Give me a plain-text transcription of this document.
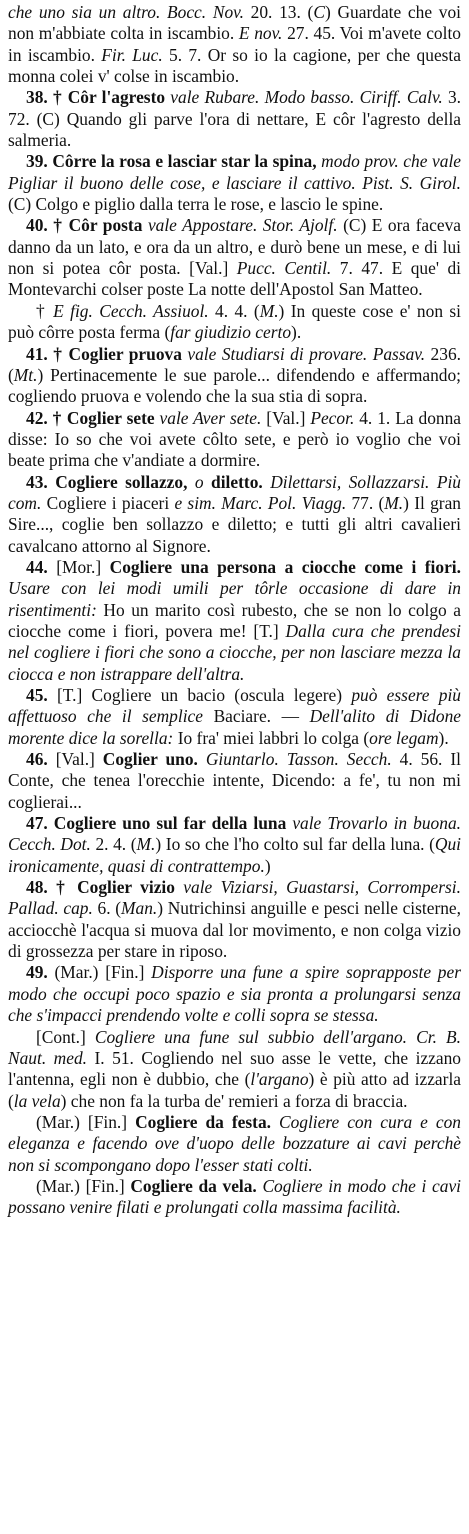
che uno sia un altro. Bocc. Nov. 20. 13. (C) Guardate che voi non m'abbiate colta in iscambio. E nov. 27. 45. Voi m'avete colto in iscambio. Fir. Luc. 5. 7. Or so io la cagione, per che questa monna colei v' colse in iscambio.

38. † Côr l'agresto vale Rubare. Modo basso. Ciriff. Calv. 3. 72. (C) Quando gli parve l'ora di nettare, E côr l'agresto della salmeria.

39. Côrre la rosa e lasciar star la spina, modo prov. che vale Pigliar il buono delle cose, e lasciare il cattivo. Pist. S. Girol. (C) Colgo e piglio dalla terra le rose, e lascio le spine.

40. † Côr posta vale Appostare. Stor. Ajolf. (C) E ora faceva danno da un lato, e ora da un altro, e durò bene un mese, e di lui non si potea côr posta. [Val.] Pucc. Centil. 7. 47. E que' di Montevarchi colser poste La notte dell'Apostol San Matteo.

† E fig. Cecch. Assiuol. 4. 4. (M.) In queste cose e' non si può côrre posta ferma (far giudizio certo).

41. † Coglier pruova vale Studiarsi di provare. Passav. 236. (Mt.) Pertinacemente le sue parole... difendendo e affermando; cogliendo pruova e volendo che la sua stia di sopra.

42. † Coglier sete vale Aver sete. [Val.] Pecor. 4. 1. La donna disse: Io so che voi avete côlto sete, e però io voglio che voi beate prima che v'andiate a dormire.

43. Cogliere sollazzo, o diletto. Dilettarsi, Sollazzarsi. Più com. Cogliere i piaceri e sim. Marc. Pol. Viagg. 77. (M.) Il gran Sire..., coglie ben sollazzo e diletto; e tutti gli altri cavalieri cavalcano attorno al Signore.

44. [Mor.] Cogliere una persona a ciocche come i fiori. Usare con lei modi umili per tôrle occasione di dare in risentimenti: Ho un marito così rubesto, che se non lo colgo a ciocche come i fiori, povera me! [T.] Dalla cura che prendesi nel cogliere i fiori che sono a ciocche, per non lasciare mezza la ciocca e non istrappare dell'altra.

45. [T.] Cogliere un bacio (oscula legere) può essere più affettuoso che il semplice Baciare. — Dell'alito di Didone morente dice la sorella: Io fra' miei labbri lo colga (ore legam).

46. [Val.] Coglier uno. Giuntarlo. Tasson. Secch. 4. 56. Il Conte, che tenea l'orecchie intente, Dicendo: a fe', tu non mi coglierai...

47. Cogliere uno sul far della luna vale Trovarlo in buona. Cecch. Dot. 2. 4. (M.) Io so che l'ho colto sul far della luna. (Qui ironicamente, quasi di contrattempo.)

48. † Coglier vizio vale Viziarsi, Guastarsi, Corrompersi. Pallad. cap. 6. (Man.) Nutrichinsi anguille e pesci nelle cisterne, acciocchè l'acqua si muova dal lor movimento, e non colga vizio di grossezza per stare in riposo.

49. (Mar.) [Fin.] Disporre una fune a spire soprapposte per modo che occupi poco spazio e sia pronta a prolungarsi senza che s'impacci prendendo volte e colli sopra se stessa.

[Cont.] Cogliere una fune sul subbio dell'argano. Cr. B. Naut. med. I. 51. Cogliendo nel suo asse le vette, che izzano l'antenna, egli non è dubbio, che (l'argano) è più atto ad izzarla (la vela) che non fa la turba de' remieri a forza di braccia.

(Mar.) [Fin.] Cogliere da festa. Cogliere con cura e con eleganza e facendo ove d'uopo delle bozzature ai cavi perchè non si scompongano dopo l'esser stati colti.

(Mar.) [Fin.] Cogliere da vela. Cogliere in modo che i cavi possano venire filati e prolungati colla massima facilità.
